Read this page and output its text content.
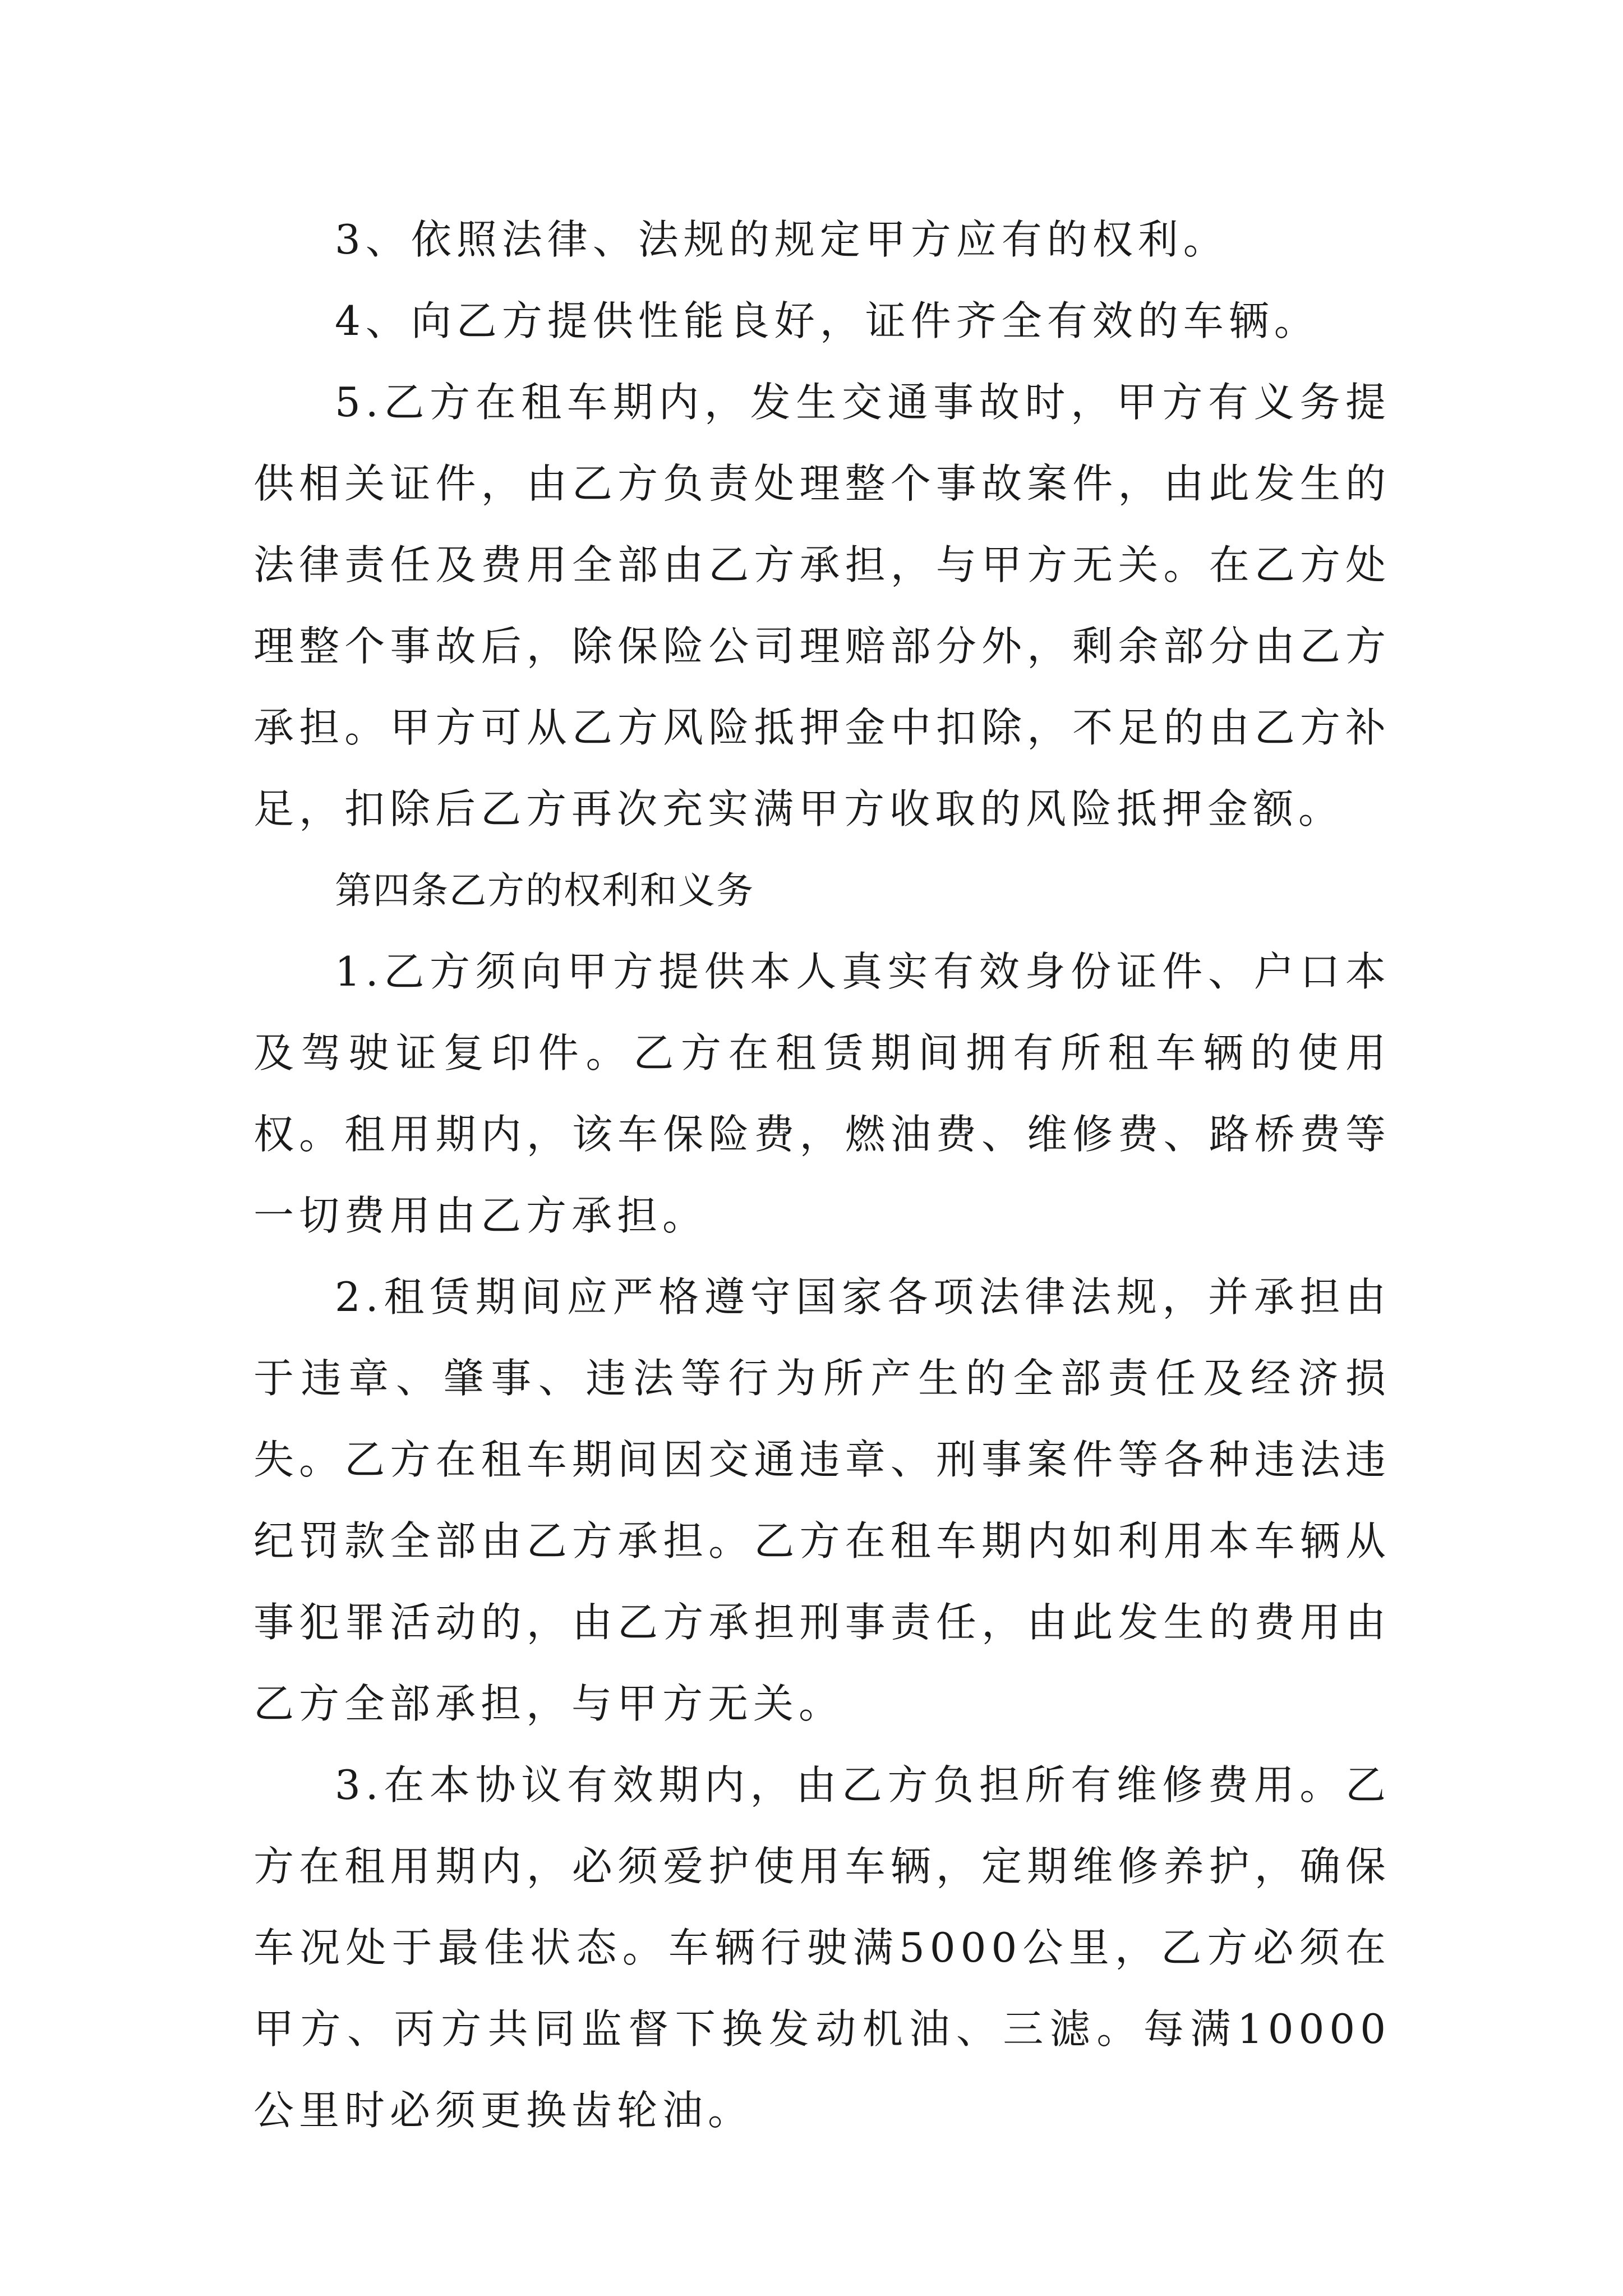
3、依照法律、法规的规定甲方应有的权利。

4、向乙方提供性能良好，证件齐全有效的车辆。

5.乙方在租车期内，发生交通事故时，甲方有义务提供相关证件，由乙方负责处理整个事故案件，由此发生的法律责任及费用全部由乙方承担，与甲方无关。在乙方处理整个事故后，除保险公司理赔部分外，剩余部分由乙方承担。甲方可从乙方风险抵押金中扣除，不足的由乙方补足，扣除后乙方再次充实满甲方收取的风险抵押金额。

第四条乙方的权利和义务

1.乙方须向甲方提供本人真实有效身份证件、户口本及驾驶证复印件。乙方在租赁期间拥有所租车辆的使用权。租用期内，该车保险费，燃油费、维修费、路桥费等一切费用由乙方承担。

2.租赁期间应严格遵守国家各项法律法规，并承担由于违章、肇事、违法等行为所产生的全部责任及经济损失。乙方在租车期间因交通违章、刑事案件等各种违法违纪罚款全部由乙方承担。乙方在租车期内如利用本车辆从事犯罪活动的，由乙方承担刑事责任，由此发生的费用由乙方全部承担，与甲方无关。

3.在本协议有效期内，由乙方负担所有维修费用。乙方在租用期内，必须爱护使用车辆，定期维修养护，确保车况处于最佳状态。车辆行驶满5000公里，乙方必须在甲方、丙方共同监督下换发动机油、三滤。每满10000公里时必须更换齿轮油。
